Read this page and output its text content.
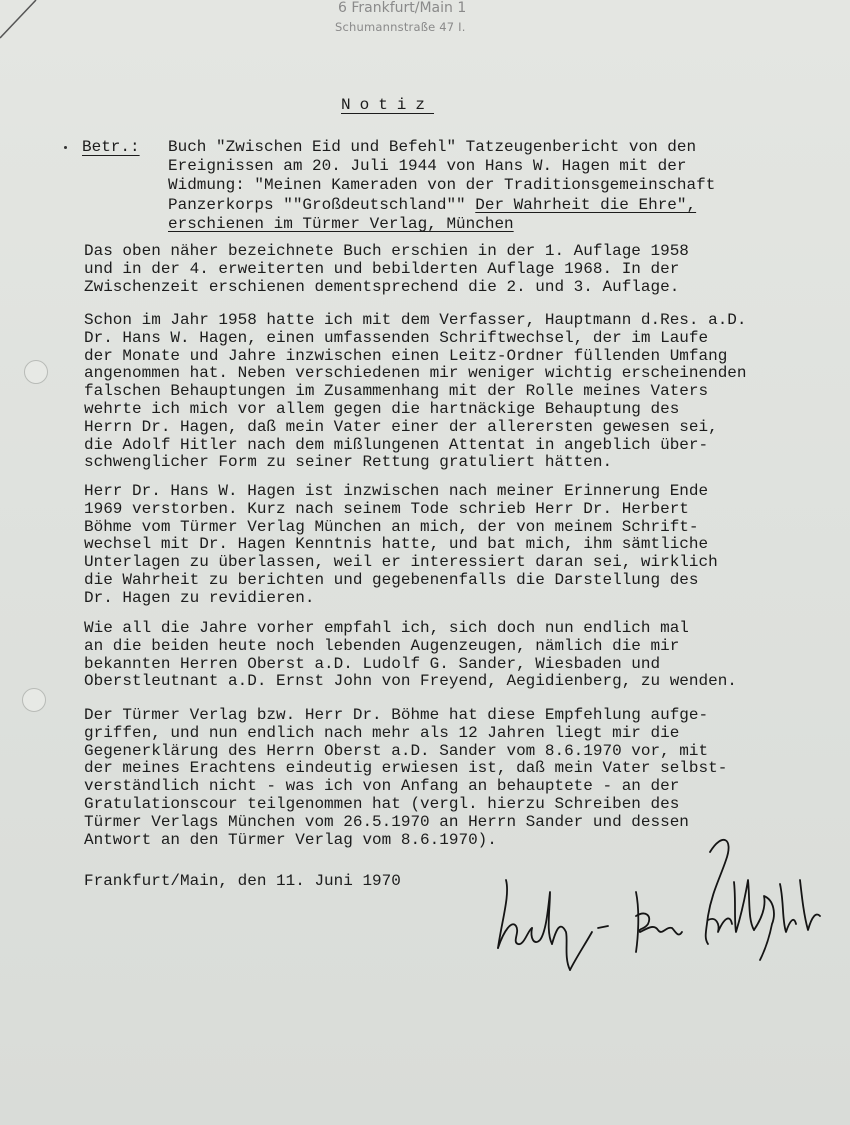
6 Frankfurt/Main 1
Schumannstraße 47 I.
Notiz
Betr.: Buch "Zwischen Eid und Befehl" Tatzeugenbericht von den
Ereignissen am 20. Juli 1944 von Hans W. Hagen mit der
Widmung: "Meinen Kameraden von der Traditionsgemeinschaft
Panzerkorps ""Großdeutschland"" Der Wahrheit die Ehre",
erschienen im Türmer Verlag, München
Das oben näher bezeichnete Buch erschien in der 1. Auflage 1958
und in der 4. erweiterten und bebilderten Auflage 1968. In der
Zwischenzeit erschienen dementsprechend die 2. und 3. Auflage.
Schon im Jahr 1958 hatte ich mit dem Verfasser, Hauptmann d.Res. a.D.
Dr. Hans W. Hagen, einen umfassenden Schriftwechsel, der im Laufe
der Monate und Jahre inzwischen einen Leitz-Ordner füllenden Umfang
angenommen hat. Neben verschiedenen mir weniger wichtig erscheinenden
falschen Behauptungen im Zusammenhang mit der Rolle meines Vaters
wehrte ich mich vor allem gegen die hartnäckige Behauptung des
Herrn Dr. Hagen, daß mein Vater einer der allerersten gewesen sei,
die Adolf Hitler nach dem mißlungenen Attentat in angeblich über-
schwenglicher Form zu seiner Rettung gratuliert hätten.
Herr Dr. Hans W. Hagen ist inzwischen nach meiner Erinnerung Ende
1969 verstorben. Kurz nach seinem Tode schrieb Herr Dr. Herbert
Böhme vom Türmer Verlag München an mich, der von meinem Schrift-
wechsel mit Dr. Hagen Kenntnis hatte, und bat mich, ihm sämtliche
Unterlagen zu überlassen, weil er interessiert daran sei, wirklich
die Wahrheit zu berichten und gegebenenfalls die Darstellung des
Dr. Hagen zu revidieren.
Wie all die Jahre vorher empfahl ich, sich doch nun endlich mal
an die beiden heute noch lebenden Augenzeugen, nämlich die mir
bekannten Herren Oberst a.D. Ludolf G. Sander, Wiesbaden und
Oberstleutnant a.D. Ernst John von Freyend, Aegidienberg, zu wenden.
Der Türmer Verlag bzw. Herr Dr. Böhme hat diese Empfehlung aufge-
griffen, und nun endlich nach mehr als 12 Jahren liegt mir die
Gegenerklärung des Herrn Oberst a.D. Sander vom 8.6.1970 vor, mit
der meines Erachtens eindeutig erwiesen ist, daß mein Vater selbst-
verständlich nicht - was ich von Anfang an behauptete - an der
Gratulationscour teilgenommen hat (vergl. hierzu Schreiben des
Türmer Verlags München vom 26.5.1970 an Herrn Sander und dessen
Antwort an den Türmer Verlag vom 8.6.1970).
Frankfurt/Main, den 11. Juni 1970
